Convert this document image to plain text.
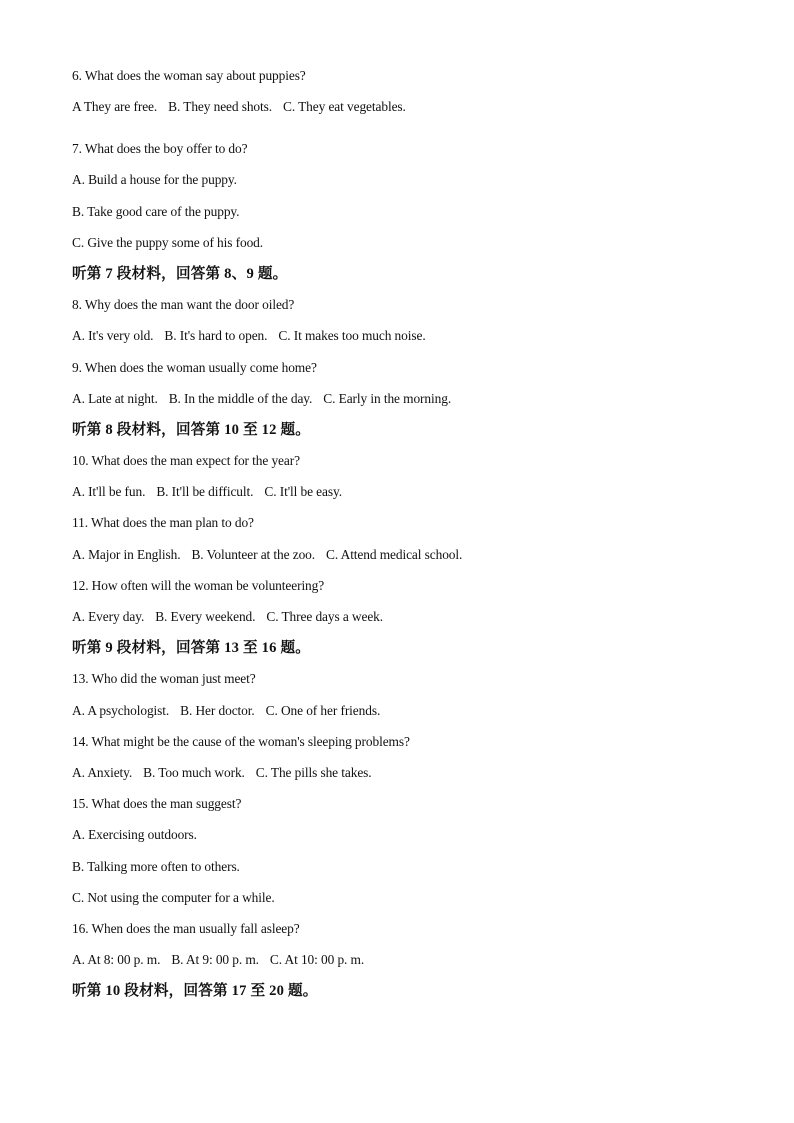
6. What does the woman say about puppies?
A They are free. B. They need shots. C. They eat vegetables.
7. What does the boy offer to do?
A. Build a house for the puppy.
B. Take good care of the puppy.
C. Give the puppy some of his food.
听第 7 段材料，回答第 8、9 题。
8. Why does the man want the door oiled?
A. It's very old. B. It's hard to open. C. It makes too much noise.
9. When does the woman usually come home?
A. Late at night. B. In the middle of the day. C. Early in the morning.
听第 8 段材料，回答第 10 至 12 题。
10. What does the man expect for the year?
A. It'll be fun. B. It'll be difficult. C. It'll be easy.
11. What does the man plan to do?
A. Major in English. B. Volunteer at the zoo. C. Attend medical school.
12. How often will the woman be volunteering?
A. Every day. B. Every weekend. C. Three days a week.
听第 9 段材料，回答第 13 至 16 题。
13. Who did the woman just meet?
A. A psychologist. B. Her doctor. C. One of her friends.
14. What might be the cause of the woman's sleeping problems?
A. Anxiety. B. Too much work. C. The pills she takes.
15. What does the man suggest?
A. Exercising outdoors.
B. Talking more often to others.
C. Not using the computer for a while.
16. When does the man usually fall asleep?
A. At 8: 00 p. m. B. At 9: 00 p. m. C. At 10: 00 p. m.
听第 10 段材料，回答第 17 至 20 题。
